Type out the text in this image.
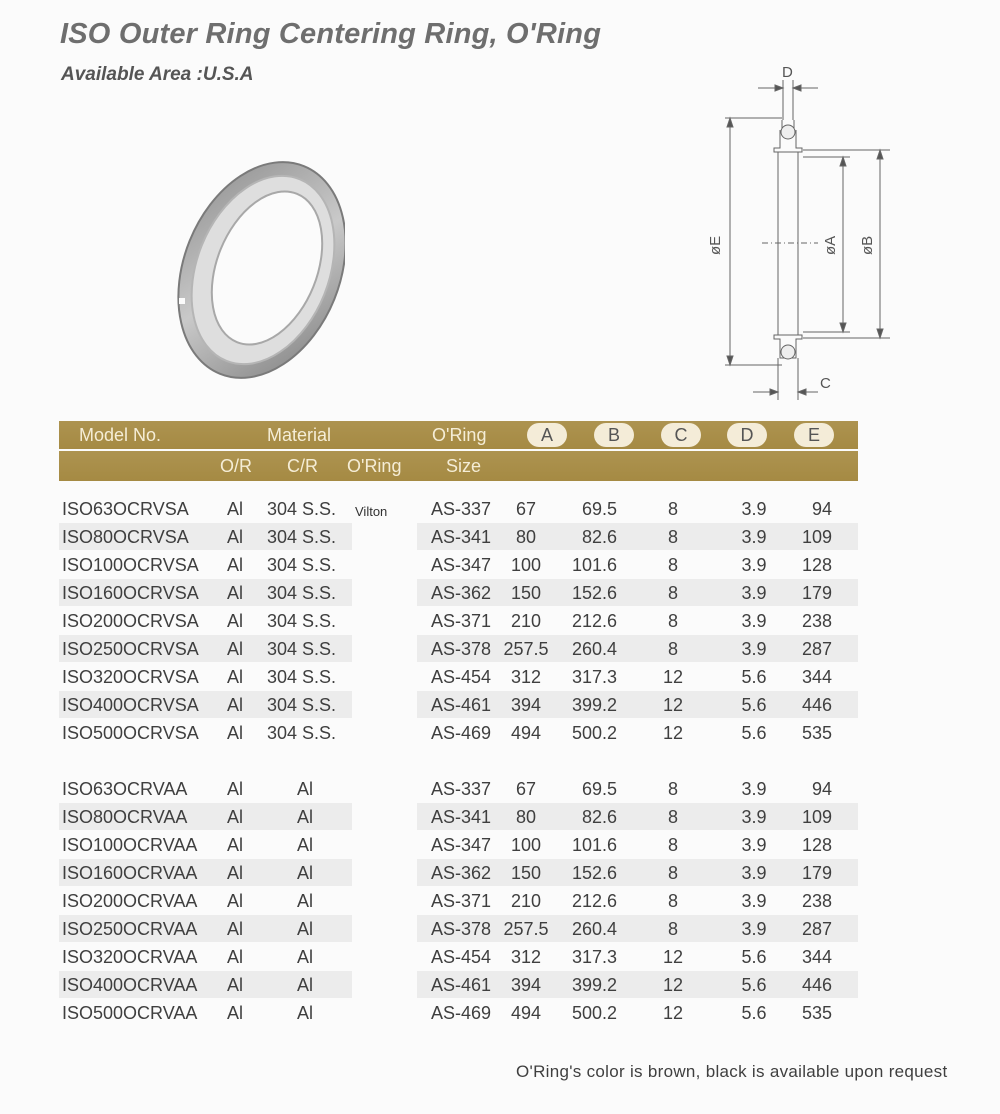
ISO Outer Ring Centering Ring, O'Ring
Available Area :U.S.A	D
C
øE	øA øB
Model No.	Material	O'Ring	A	B	C	D	E
O/R C/R O'Ring Size
ISO63OCRVSA Al 304 S.S. Vilton AS-337	67	69.5	8	3.9	94
ISO80OCRVSA Al 304 S.S.	AS-341	80	82.6	8	3.9	109
ISO100OCRVSA Al 304 S.S.	AS-347	100	101.6	8	3.9	128
ISO160OCRVSA Al 304 S.S.	AS-362	150	152.6	8	3.9	179
ISO200OCRVSA Al 304 S.S.	AS-371	210	212.6	8	3.9	238
ISO250OCRVSA Al 304 S.S.	AS-378 257.5	260.4	8	3.9	287
ISO320OCRVSA Al 304 S.S.	AS-454	312	317.3	12	5.6	344
ISO400OCRVSA Al 304 S.S.	AS-461	394	399.2	12	5.6	446
ISO500OCRVSA Al 304 S.S.	AS-469	494	500.2	12	5.6	535
ISO63OCRVAA Al	Al	AS-337	67	69.5	8	3.9	94
ISO80OCRVAA Al	Al	AS-341	80	82.6	8	3.9	109
ISO100OCRVAA Al	Al	AS-347	100	101.6	8	3.9	128
ISO160OCRVAA Al	Al	AS-362	150	152.6	8	3.9	179
ISO200OCRVAA Al	Al	AS-371	210	212.6	8	3.9	238
ISO250OCRVAA Al	Al	AS-378 257.5	260.4	8	3.9	287
ISO320OCRVAA Al	Al	AS-454	312	317.3	12	5.6	344
ISO400OCRVAA Al	Al	AS-461	394	399.2	12	5.6	446
ISO500OCRVAA Al	Al	AS-469	494	500.2	12	5.6	535
O'Ring's color is brown, black is available upon request
